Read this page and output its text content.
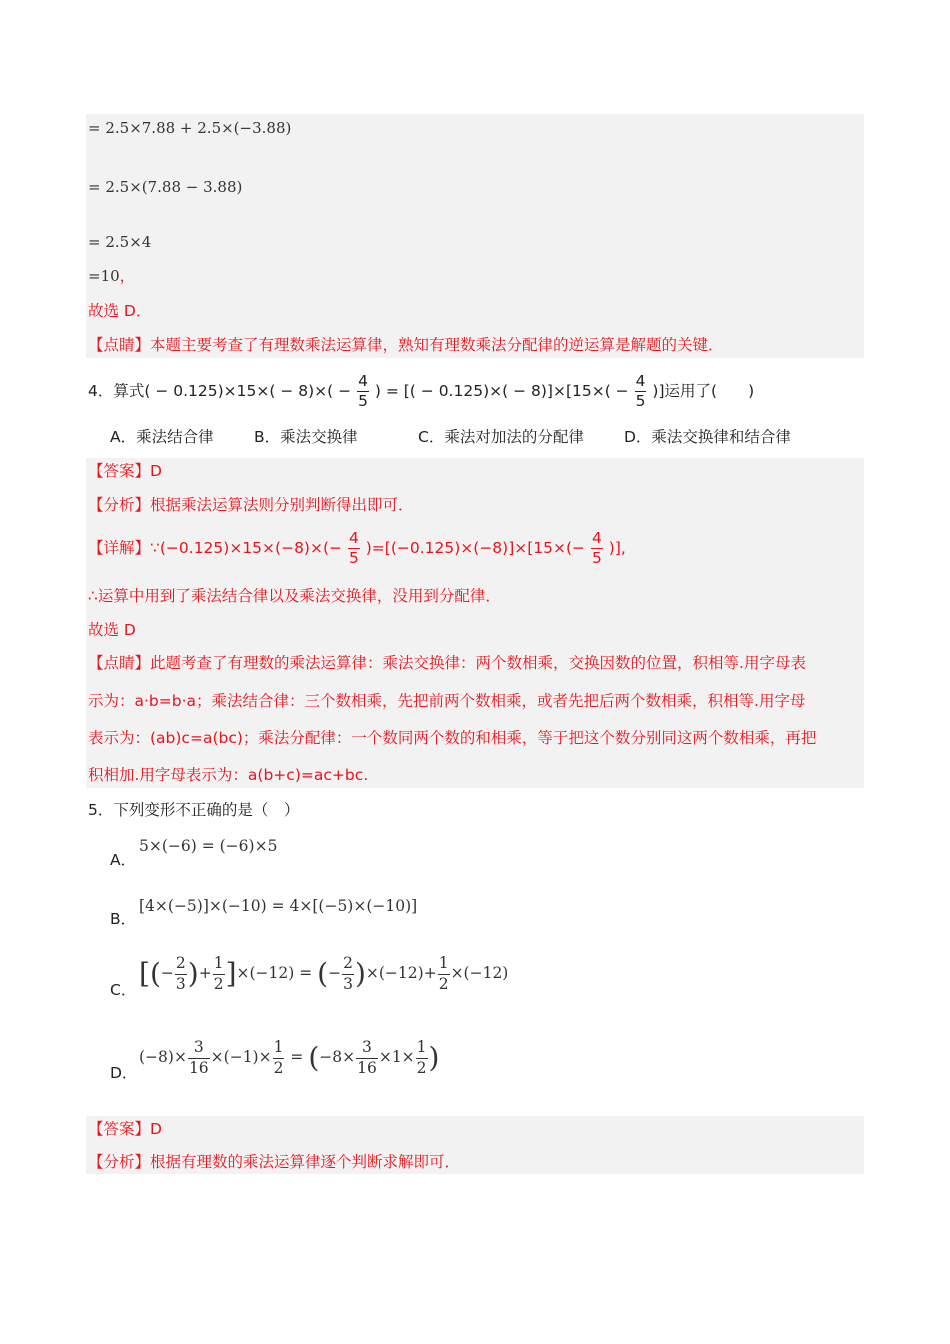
= 2.5×7.88 + 2.5×(−3.88)
= 2.5×(7.88 − 3.88)
= 2.5×4
=10，
故选 D．
【点睛】本题主要考查了有理数乘法运算律，熟知有理数乘法分配律的逆运算是解题的关键．
4．算式( − $0.125)\times 15\times( - 8)\times( - \frac{4}{5}$ ) = [( − $0.125)\times( - 8)]\times[15\times( - \frac{4}{5}$ )]运用了(　　)
A．乘法结合律	B．乘法交换律	C．乘法对加法的分配律	D．乘法交换律和结合律
【答案】D
【分析】根据乘法运算法则分别判断得出即可．
【详解】∵(−0.125)×15×(−8)×(− $\frac{4}{5} )=[(-0.125)\times(-8)]\times[15\times(- \frac{4}{5}$ )],
∴运算中用到了乘法结合律以及乘法交换律，没用到分配律．
故选 D
【点睛】此题考查了有理数的乘法运算律：乘法交换律：两个数相乘，交换因数的位置，积相等.用字母表
示为：a·b=b·a；乘法结合律：三个数相乘，先把前两个数相乘，或者先把后两个数相乘，积相等.用字母
表示为：(ab)c=a(bc)；乘法分配律：一个数同两个数的和相乘，等于把这个数分别同这两个数相乘，再把
积相加.用字母表示为：a(b+c)=ac+bc.
5．下列变形不正确的是（　）
A．
5×(−6) = (−6)×5
B．
[4×(−5)]×(−10) = 4×[(−5)×(−10)]
C． [(− $\frac{2}{3}$ )+ $\frac{1}{2} ]\times(-12)$ = (− $\frac{2}{3} )\times(-12)+ \frac{1}{2} \times(-12)$
D．
$(-8)\times \frac{3}{16} \times(-1)\times \frac{1}{2} = (-8\times \frac{3}{16} \times 1\times \frac{1}{2}$ )
【答案】D
【分析】根据有理数的乘法运算律逐个判断求解即可．
